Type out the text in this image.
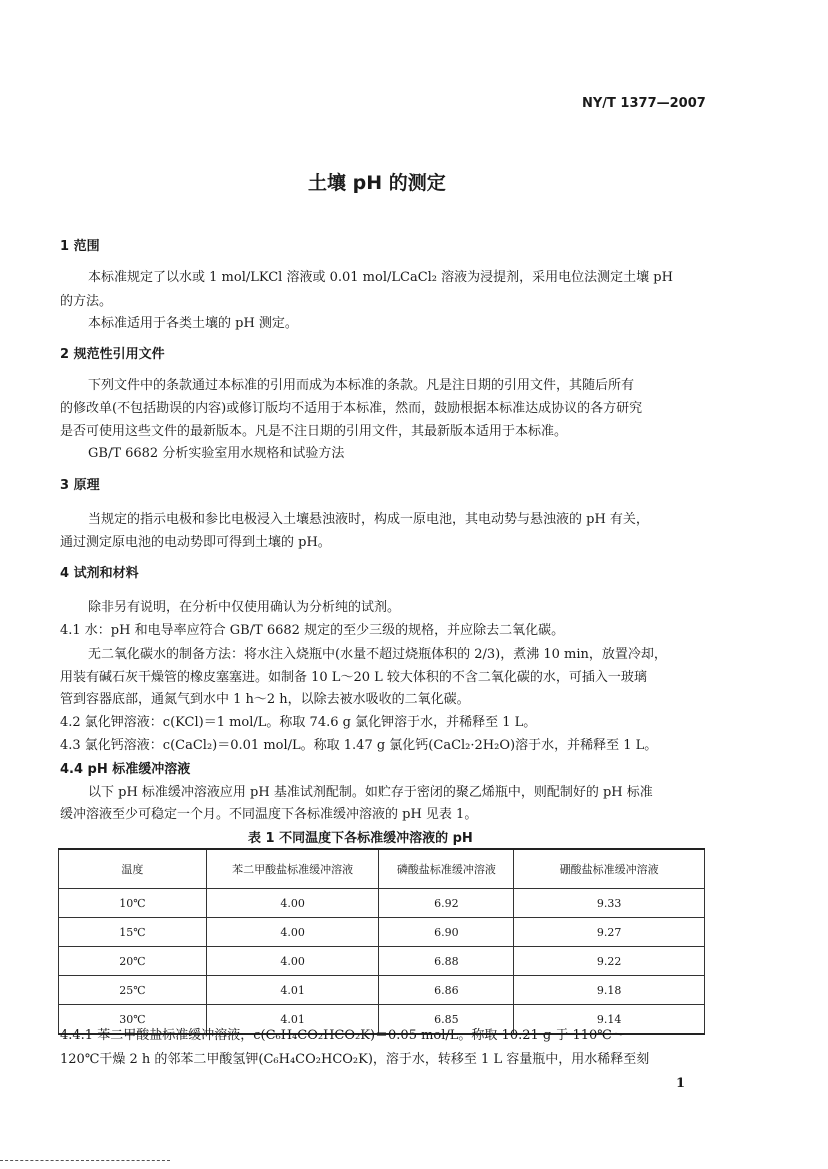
NY/T 1377—2007
土壤 pH 的测定
1 范围
本标准规定了以水或 1 mol/LKCl 溶液或 0.01 mol/LCaCl₂ 溶液为浸提剂，采用电位法测定土壤 pH
的方法。
本标准适用于各类土壤的 pH 测定。
2 规范性引用文件
下列文件中的条款通过本标准的引用而成为本标准的条款。凡是注日期的引用文件，其随后所有
的修改单(不包括勘误的内容)或修订版均不适用于本标准，然而，鼓励根据本标准达成协议的各方研究
是否可使用这些文件的最新版本。凡是不注日期的引用文件，其最新版本适用于本标准。
GB/T 6682 分析实验室用水规格和试验方法
3 原理
当规定的指示电极和参比电极浸入土壤悬浊液时，构成一原电池，其电动势与悬浊液的 pH 有关，
通过测定原电池的电动势即可得到土壤的 pH。
4 试剂和材料
除非另有说明，在分析中仅使用确认为分析纯的试剂。
4.1 水：pH 和电导率应符合 GB/T 6682 规定的至少三级的规格，并应除去二氧化碳。
无二氧化碳水的制备方法：将水注入烧瓶中(水量不超过烧瓶体积的 2/3)，煮沸 10 min，放置冷却，
用装有碱石灰干燥管的橡皮塞塞进。如制备 10 L～20 L 较大体积的不含二氧化碳的水，可插入一玻璃
管到容器底部，通氮气到水中 1 h～2 h，以除去被水吸收的二氧化碳。
4.2 氯化钾溶液：c(KCl)＝1 mol/L。称取 74.6 g 氯化钾溶于水，并稀释至 1 L。
4.3 氯化钙溶液：c(CaCl₂)＝0.01 mol/L。称取 1.47 g 氯化钙(CaCl₂·2H₂O)溶于水，并稀释至 1 L。
4.4 pH 标准缓冲溶液
以下 pH 标准缓冲溶液应用 pH 基准试剂配制。如贮存于密闭的聚乙烯瓶中，则配制好的 pH 标准
缓冲溶液至少可稳定一个月。不同温度下各标准缓冲溶液的 pH 见表 1。
表 1 不同温度下各标准缓冲溶液的 pH
温度	苯二甲酸盐标准缓冲溶液	磷酸盐标准缓冲溶液	硼酸盐标准缓冲溶液
10℃	4.00	6.92	9.33
15℃	4.00	6.90	9.27
20℃	4.00	6.88	9.22
25℃	4.01	6.86	9.18
30℃	4.01	6.85	9.14
4.4.1 苯二甲酸盐标准缓冲溶液，c(C₆H₄CO₂HCO₂K)＝0.05 mol/L。称取 10.21 g 于 110℃～
120℃干燥 2 h 的邻苯二甲酸氢钾(C₆H₄CO₂HCO₂K)，溶于水，转移至 1 L 容量瓶中，用水稀释至刻
1
